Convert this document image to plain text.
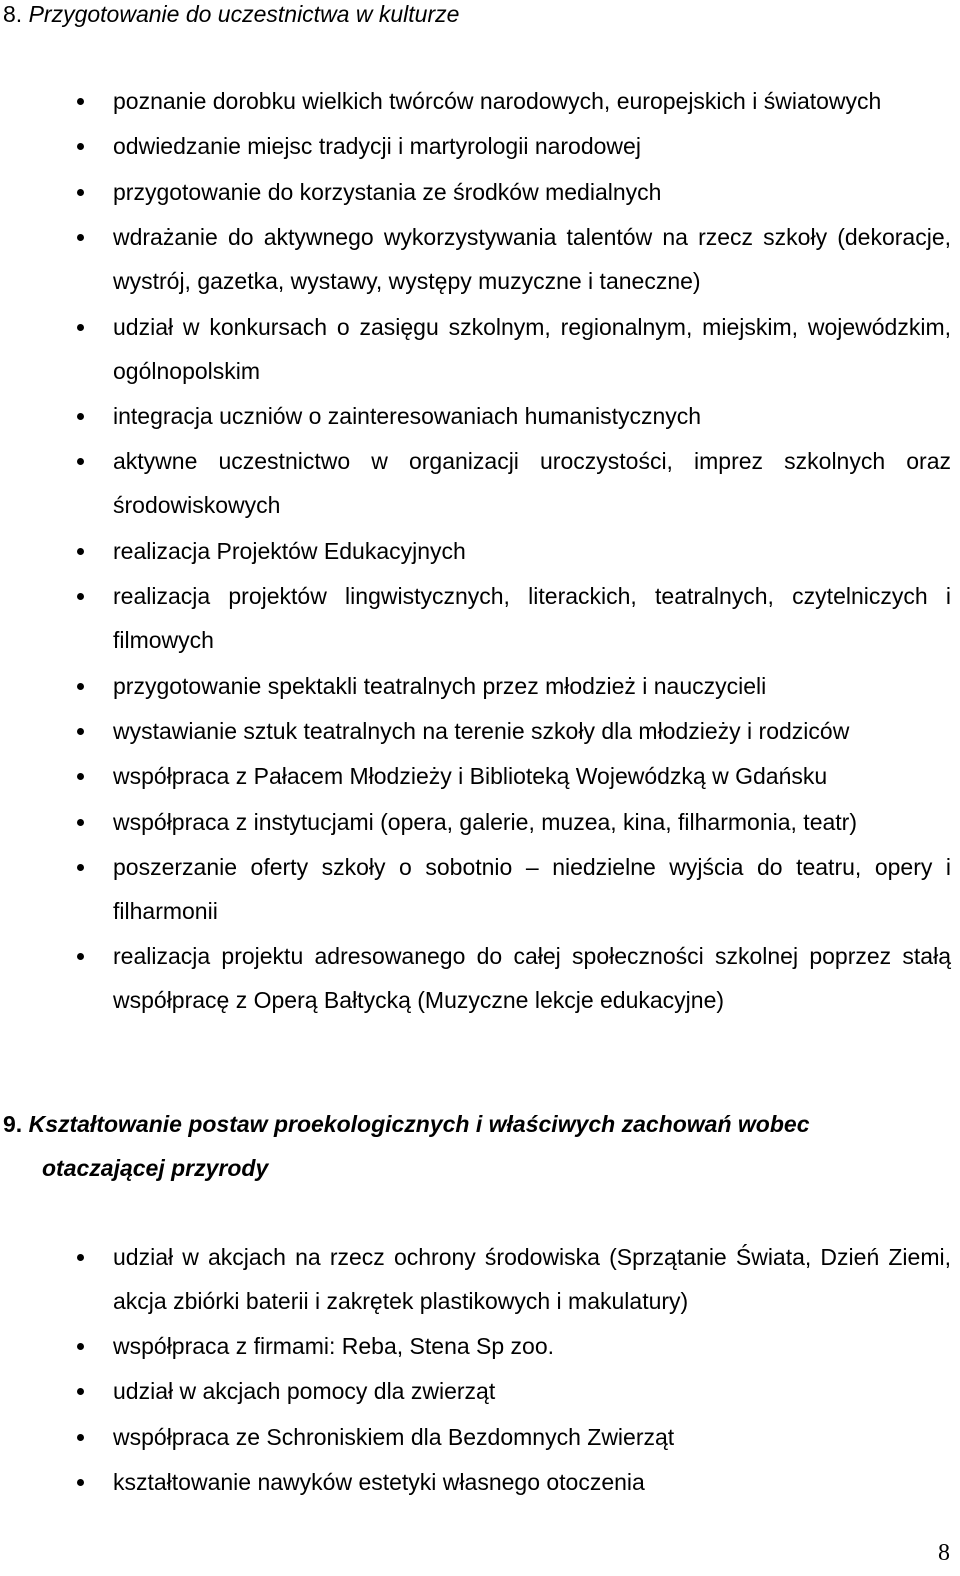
8. Przygotowanie do uczestnictwa w kulturze
poznanie dorobku wielkich twórców narodowych, europejskich i światowych
odwiedzanie miejsc tradycji i martyrologii narodowej
przygotowanie do korzystania ze środków medialnych
wdrażanie do aktywnego wykorzystywania talentów na rzecz szkoły (dekoracje, wystrój, gazetka, wystawy, występy muzyczne i taneczne)
udział w konkursach o zasięgu szkolnym, regionalnym, miejskim, wojewódzkim, ogólnopolskim
integracja uczniów o zainteresowaniach humanistycznych
aktywne uczestnictwo w organizacji uroczystości, imprez szkolnych oraz środowiskowych
realizacja Projektów Edukacyjnych
realizacja projektów lingwistycznych, literackich, teatralnych, czytelniczych i filmowych
przygotowanie spektakli teatralnych przez młodzież i nauczycieli
wystawianie sztuk teatralnych na terenie szkoły dla młodzieży i rodziców
współpraca z Pałacem Młodzieży i Biblioteką Wojewódzką w Gdańsku
współpraca z instytucjami (opera, galerie, muzea, kina, filharmonia, teatr)
poszerzanie oferty szkoły o sobotnio – niedzielne wyjścia do teatru, opery i filharmonii
realizacja projektu adresowanego do całej społeczności szkolnej poprzez stałą współpracę z Operą Bałtycką (Muzyczne lekcje edukacyjne)
9. Kształtowanie postaw proekologicznych i właściwych zachowań wobec
otaczającej przyrody
udział w akcjach na rzecz ochrony środowiska (Sprzątanie Świata, Dzień Ziemi, akcja zbiórki baterii i zakrętek plastikowych i makulatury)
współpraca z firmami: Reba, Stena Sp zoo.
udział w akcjach pomocy dla zwierząt
współpraca ze Schroniskiem dla Bezdomnych Zwierząt
kształtowanie nawyków estetyki własnego otoczenia
8
